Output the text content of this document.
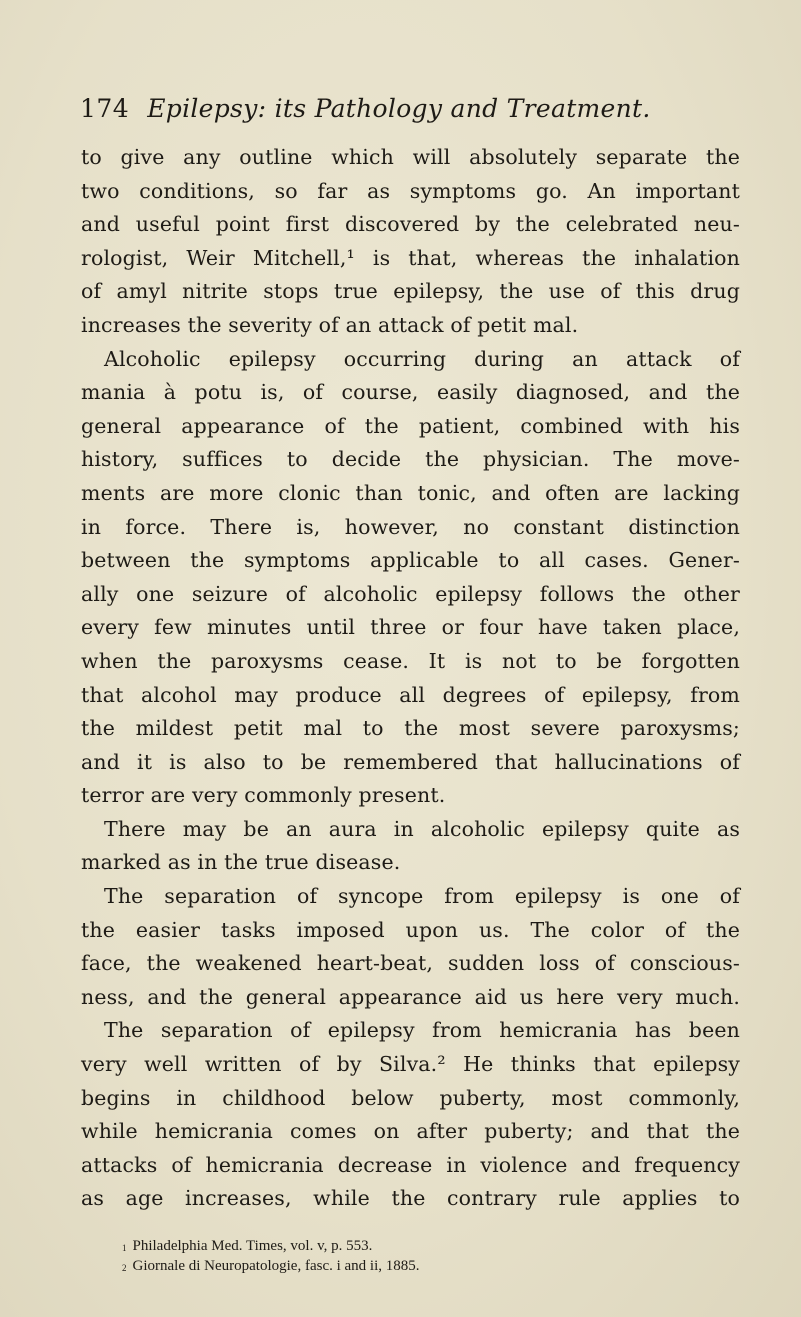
174 Epilepsy: its Pathology and Treatment.
to give any outline which will absolutely separate the
two conditions, so far as symptoms go. An important
and useful point first discovered by the celebrated neu-
rologist, Weir Mitchell,¹ is that, whereas the inhalation
of amyl nitrite stops true epilepsy, the use of this drug
increases the severity of an attack of petit mal.
Alcoholic epilepsy occurring during an attack of
mania à potu is, of course, easily diagnosed, and the
general appearance of the patient, combined with his
history, suffices to decide the physician. The move-
ments are more clonic than tonic, and often are lacking
in force. There is, however, no constant distinction
between the symptoms applicable to all cases. Gener-
ally one seizure of alcoholic epilepsy follows the other
every few minutes until three or four have taken place,
when the paroxysms cease. It is not to be forgotten
that alcohol may produce all degrees of epilepsy, from
the mildest petit mal to the most severe paroxysms;
and it is also to be remembered that hallucinations of
terror are very commonly present.
There may be an aura in alcoholic epilepsy quite as
marked as in the true disease.
The separation of syncope from epilepsy is one of
the easier tasks imposed upon us. The color of the
face, the weakened heart-beat, sudden loss of conscious-
ness, and the general appearance aid us here very much.
The separation of epilepsy from hemicrania has been
very well written of by Silva.² He thinks that epilepsy
begins in childhood below puberty, most commonly,
while hemicrania comes on after puberty; and that the
attacks of hemicrania decrease in violence and frequency
as age increases, while the contrary rule applies to
$^1$ Philadelphia Med. Times, vol. v, p. 553.
$^2$ Giornale di Neuropatologie, fasc. i and ii, 1885.
